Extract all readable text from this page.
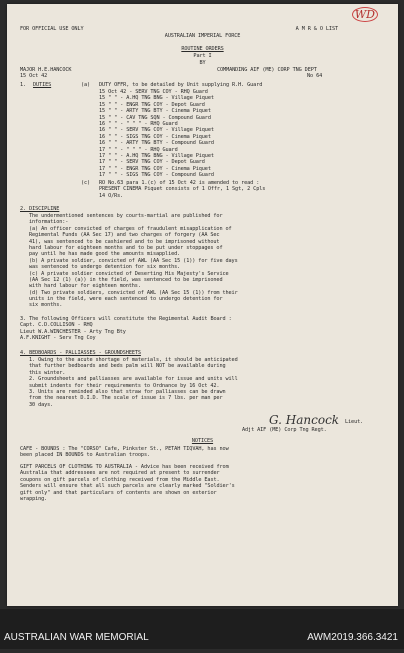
WD
FOR OFFICIAL USE ONLY	A M R & O LIST
AUSTRALIAN IMPERIAL FORCE
ROUTINE ORDERS
Part I
BY
MAJOR H.E.HANCOCK	COMMANDING AIF (ME) CORP TNG DEPT
15 Oct 42	No 64
1. DUTIES	(a) DUTY OFFR, to be detailed by Unit supplying R.H. Guard
15 Oct 42 - SERV TNG COY - RHQ Guard
15 " " - A.HQ TNG BNG - Village Piquet
15 " " - ENGR TNG COY - Depot Guard
15 " " - ARTY TNG BTY - Cinema Piquet
15 " " - CAV TNG SQN - Compound Guard
16 " " - " " " - RHQ Guard
16 " " - SERV TNG COY - Village Piquet
16 " " - SIGS TNG COY - Cinema Piquet
16 " " - ARTY TNG BTY - Compound Guard
17 " " - " " " - RHQ Guard
17 " " - A.HQ TNG BNG - Village Piquet
17 " " - SERV TNG COY - Depot Guard
17 " " - ENGR TNG COY - Cinema Piquet
17 " " - SIGS TNG COY - Compound Guard
(c) RO No.63 para 1.(c) of 15 Oct 42 is amended to read :
PRESENT CINEMA Piquet consists of 1 Offr, 1 Sgt, 2 Cpls
14 O/Rs.
2. DISCIPLINE
The undermentioned sentences by courts-martial are published for
information:-
(a) An officer convicted of charges of fraudulent misapplication of
Regimental Funds (AA Sec 17) and two charges of forgery (AA Sec
41), was sentenced to be cashiered and to be imprisoned without
hard labour for eighteen months and to be put under stoppages of
pay until he has made good the amounts misapplied.
(b) A private soldier, convicted of AWL (AA Sec 15 (1)) for five days
was sentenced to undergo detention for six months.
(c) A private soldier convicted of Deserting His Majesty's Service
(AA Sec 12 (1) (a)) in the field, was sentenced to be imprisoned
with hard labour for eighteen months.
(d) Two private soldiers, convicted of AWL (AA Sec 15 (1)) from their
units in the field, were each sentenced to undergo detention for
six months.
3. The following Officers will constitute the Regimental Audit Board :
Capt. C.D.COLLISON - RHQ
Lieut W.A.WINCHESTER - Arty Tng Bty
A.F.KNIGHT - Serv Tng Coy
4. BEDBOARDS - PALLIASSES - GROUNDSHEETS
1. Owing to the acute shortage of materials, it should be anticipated
that further bedboards and beds palm will NOT be available during
this winter.
2. Groundsheets and palliasses are available for issue and units will
submit indents for their requirements to Ordnance by 16 Oct 42.
3. Units are reminded also that straw for palliasses can be drawn
from the nearest D.I.D. The scale of issue is 7 lbs. per man per
30 days.
G. Hancock Lieut.
Adjt AIF (ME) Corp Tng Regt.
NOTICES
CAFE - BOUNDS : The "CORSO" Cafe, Pinkster St., PETAH TIQVAH, has now
been placed IN BOUNDS to Australian troops.
GIFT PARCELS OF CLOTHING TO AUSTRALIA - Advice has been received from
Australia that addressees are not required at present to surrender
coupons on gift parcels of clothing received from the Middle East.
Senders will ensure that all such parcels are clearly marked "Soldier's
gift only" and that particulars of contents are shown on exterior
wrapping.
AUSTRALIAN WAR MEMORIAL	AWM2019.366.3421
